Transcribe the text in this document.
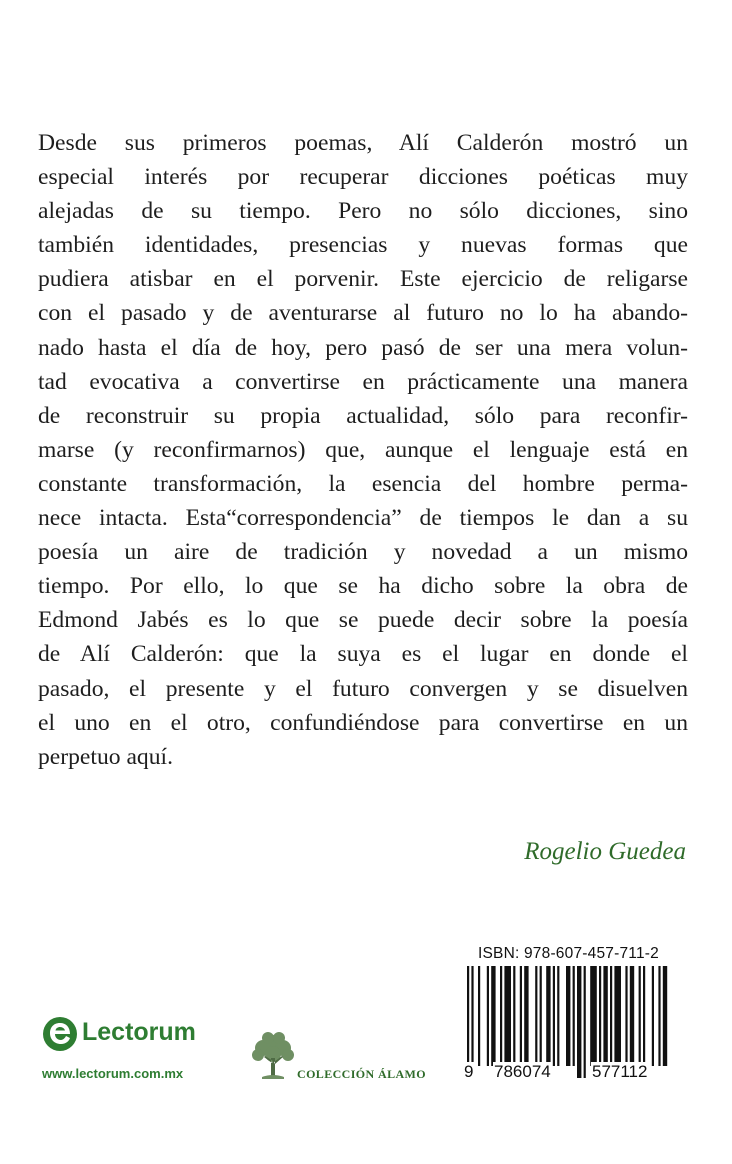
Desde sus primeros poemas, Alí Calderón mostró un
especial interés por recuperar dicciones poéticas muy
alejadas de su tiempo. Pero no sólo dicciones, sino
también identidades, presencias y nuevas formas que
pudiera atisbar en el porvenir. Este ejercicio de religarse
con el pasado y de aventurarse al futuro no lo ha abando-
nado hasta el día de hoy, pero pasó de ser una mera volun-
tad evocativa a convertirse en prácticamente una manera
de reconstruir su propia actualidad, sólo para reconfir-
marse (y reconfirmarnos) que, aunque el lenguaje está en
constante transformación, la esencia del hombre perma-
nece intacta. Esta“correspondencia” de tiempos le dan a su
poesía un aire de tradición y novedad a un mismo
tiempo. Por ello, lo que se ha dicho sobre la obra de
Edmond Jabés es lo que se puede decir sobre la poesía
de Alí Calderón: que la suya es el lugar en donde el
pasado, el presente y el futuro convergen y se disuelven
el uno en el otro, confundiéndose para convertirse en un
perpetuo aquí.
Rogelio Guedea
ISBN: 978-607-457-711-2
9 786074 577112
Lectorum
www.lectorum.com.mx	COLECCIÓN ÁLAMO
